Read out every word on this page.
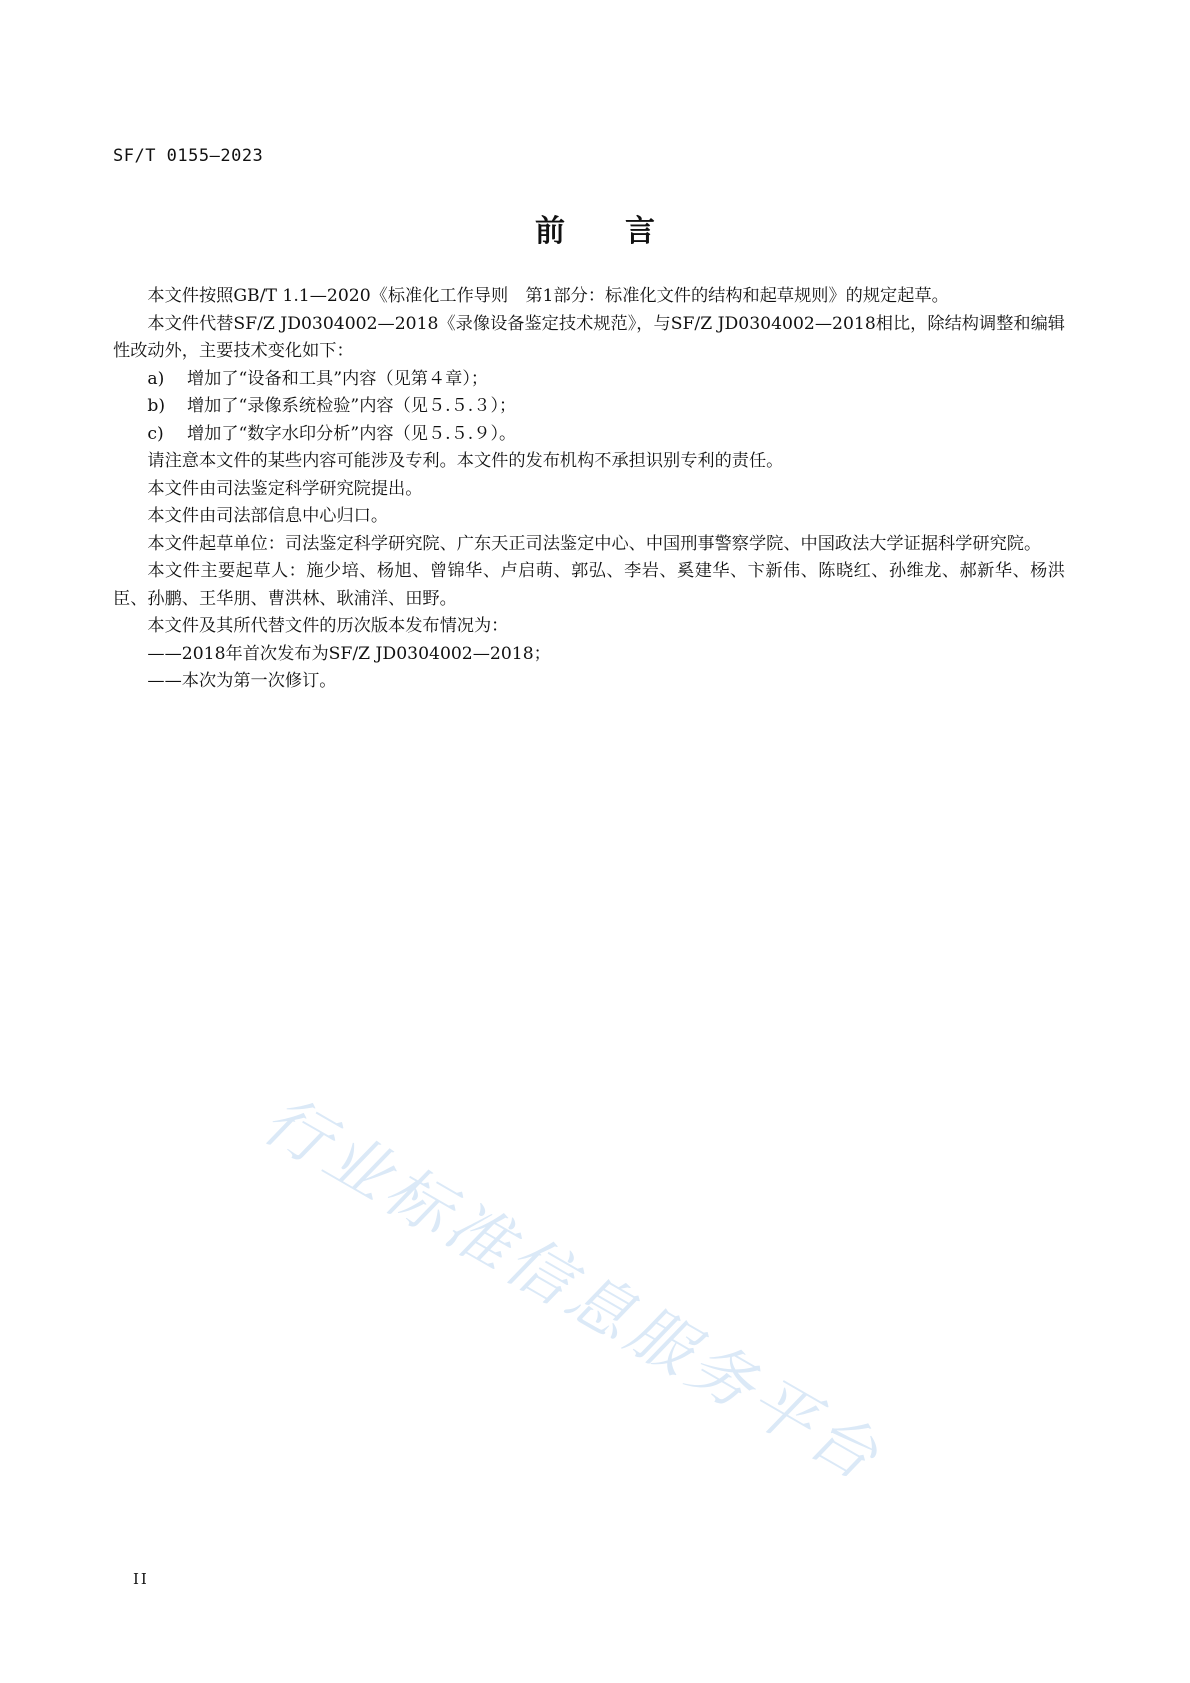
SF/T 0155—2023
前 言

本文件按照GB/T 1.1—2020《标准化工作导则　第1部分：标准化文件的结构和起草规则》的规定起草。

本文件代替SF/Z JD0304002—2018《录像设备鉴定技术规范》，与SF/Z JD0304002—2018相比，除结构调整和编辑性改动外，主要技术变化如下：

a) 增加了“设备和工具”内容（见第４章）；

b) 增加了“录像系统检验”内容（见５.５.３）；

c) 增加了“数字水印分析”内容（见５.５.９）。

请注意本文件的某些内容可能涉及专利。本文件的发布机构不承担识别专利的责任。

本文件由司法鉴定科学研究院提出。

本文件由司法部信息中心归口。

本文件起草单位：司法鉴定科学研究院、广东天正司法鉴定中心、中国刑事警察学院、中国政法大学证据科学研究院。

本文件主要起草人：施少培、杨旭、曾锦华、卢启萌、郭弘、李岩、奚建华、卞新伟、陈晓红、孙维龙、郝新华、杨洪臣、孙鹏、王华朋、曹洪林、耿浦洋、田野。

本文件及其所代替文件的历次版本发布情况为：

——2018年首次发布为SF/Z JD0304002—2018；

——本次为第一次修订。

行业标准信息服务平台
II
